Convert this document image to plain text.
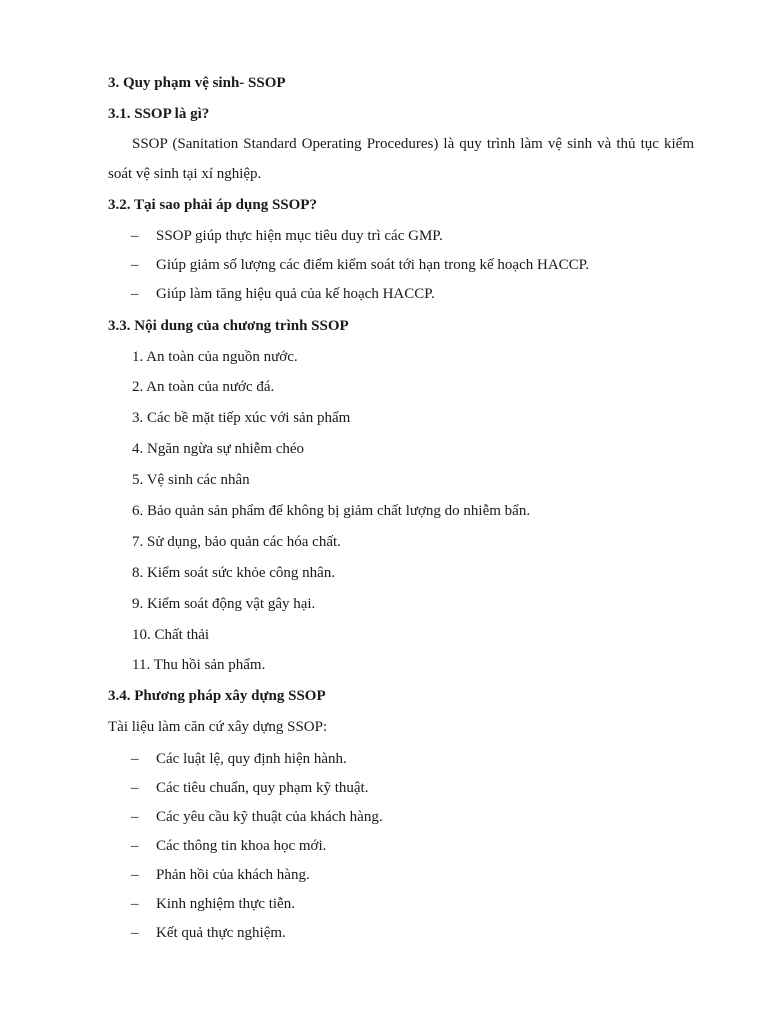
3. Quy phạm vệ sinh- SSOP
3.1. SSOP là gì?
SSOP (Sanitation Standard Operating Procedures) là quy trình làm vệ sinh và thủ tục kiểm soát vệ sinh tại xí nghiệp.
3.2. Tại sao phải áp dụng SSOP?
– SSOP giúp thực hiện mục tiêu duy trì các GMP.
– Giúp giảm số lượng các điểm kiểm soát tới hạn trong kế hoạch HACCP.
– Giúp làm tăng hiệu quả của kế hoạch HACCP.
3.3. Nội dung của chương trình SSOP
1. An toàn của nguồn nước.
2. An toàn của nước đá.
3. Các bề mặt tiếp xúc với sản phẩm
4. Ngăn ngừa sự nhiễm chéo
5. Vệ sinh các nhân
6. Bảo quản sản phẩm để không bị giảm chất lượng do nhiễm bẩn.
7. Sử dụng, bảo quản các hóa chất.
8. Kiểm soát sức khỏe công nhân.
9. Kiểm soát động vật gây hại.
10. Chất thải
11. Thu hồi sản phẩm.
3.4. Phương pháp xây dựng SSOP
Tài liệu làm căn cứ xây dựng SSOP:
– Các luật lệ, quy định hiện hành.
– Các tiêu chuẩn, quy phạm kỹ thuật.
– Các yêu cầu kỹ thuật của khách hàng.
– Các thông tin khoa học mới.
– Phản hồi của khách hàng.
– Kinh nghiệm thực tiễn.
– Kết quả thực nghiệm.
